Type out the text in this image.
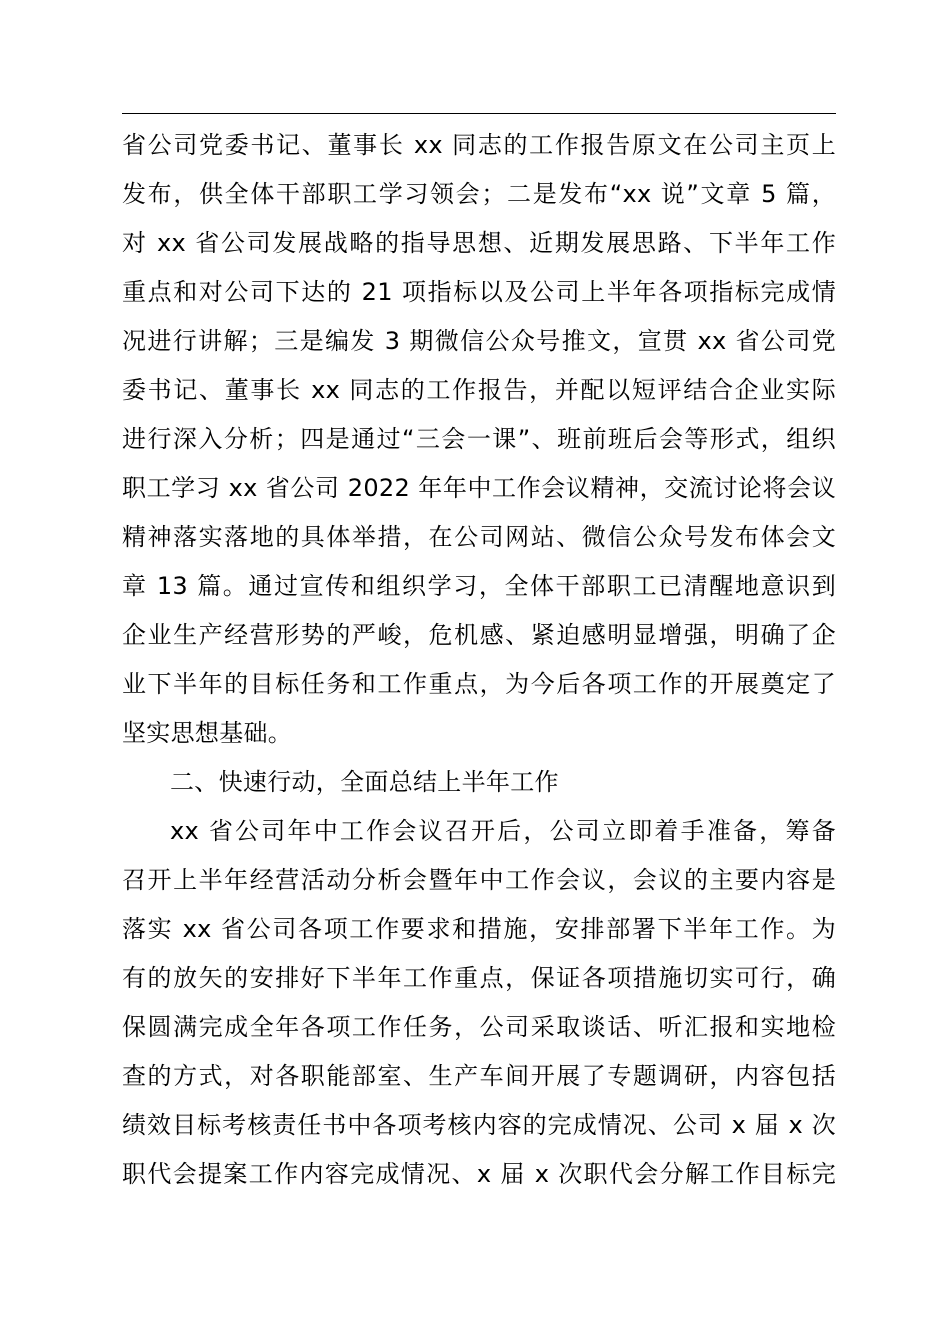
省公司党委书记、董事长 xx 同志的工作报告原文在公司主页上
发布，供全体干部职工学习领会；二是发布“xx 说”文章 5 篇，
对 xx 省公司发展战略的指导思想、近期发展思路、下半年工作
重点和对公司下达的 21 项指标以及公司上半年各项指标完成情
况进行讲解；三是编发 3 期微信公众号推文，宣贯 xx 省公司党
委书记、董事长 xx 同志的工作报告，并配以短评结合企业实际
进行深入分析；四是通过“三会一课”、班前班后会等形式，组织
职工学习 xx 省公司 2022 年年中工作会议精神，交流讨论将会议
精神落实落地的具体举措，在公司网站、微信公众号发布体会文
章 13 篇。通过宣传和组织学习，全体干部职工已清醒地意识到
企业生产经营形势的严峻，危机感、紧迫感明显增强，明确了企
业下半年的目标任务和工作重点，为今后各项工作的开展奠定了
坚实思想基础。
二、快速行动，全面总结上半年工作
xx 省公司年中工作会议召开后，公司立即着手准备，筹备
召开上半年经营活动分析会暨年中工作会议，会议的主要内容是
落实 xx 省公司各项工作要求和措施，安排部署下半年工作。为
有的放矢的安排好下半年工作重点，保证各项措施切实可行，确
保圆满完成全年各项工作任务，公司采取谈话、听汇报和实地检
查的方式，对各职能部室、生产车间开展了专题调研，内容包括
绩效目标考核责任书中各项考核内容的完成情况、公司 x 届 x 次
职代会提案工作内容完成情况、x 届 x 次职代会分解工作目标完
